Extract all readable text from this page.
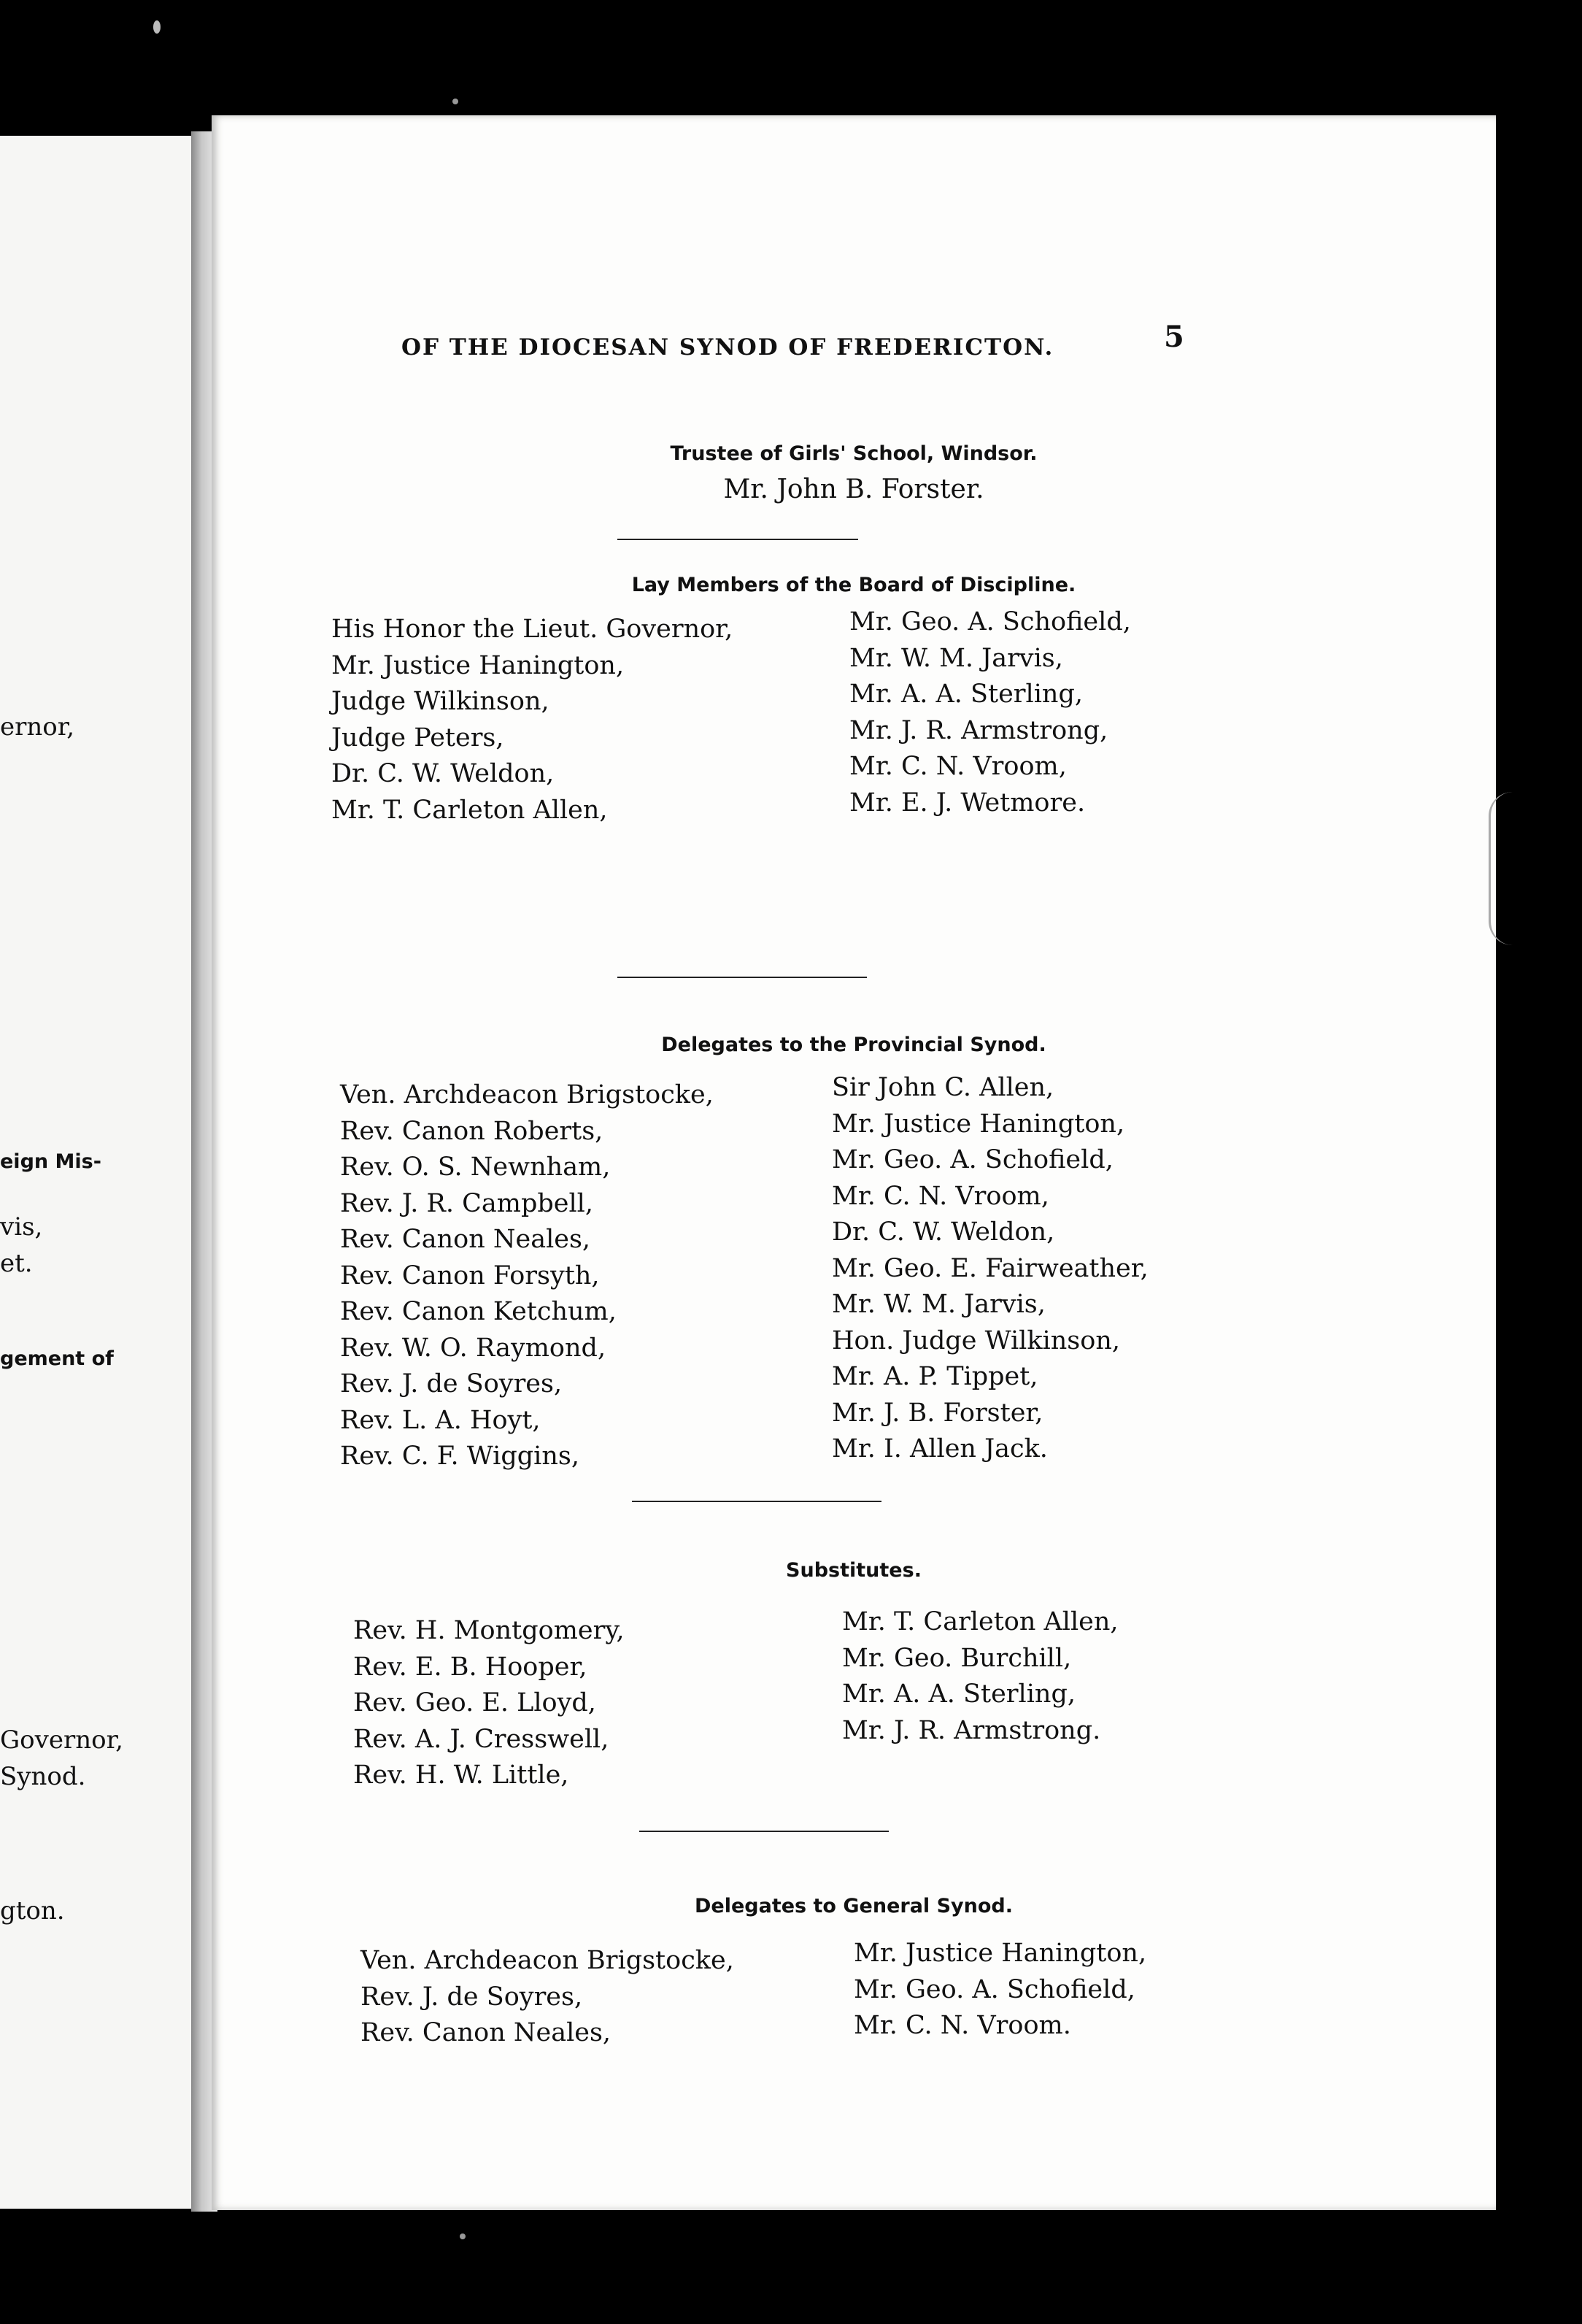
ernor,
eign Mis-
vis,
et.
gement of
Governor,
Synod.
gton.
OF THE DIOCESAN SYNOD OF FREDERICTON.	5
Trustee of Girls' School, Windsor.
Mr. John B. Forster.
Lay Members of the Board of Discipline.
His Honor the Lieut. Governor,
Mr. Justice Hanington,
Judge Wilkinson,
Judge Peters,
Dr. C. W. Weldon,
Mr. T. Carleton Allen,
Mr. Geo. A. Schofield,
Mr. W. M. Jarvis,
Mr. A. A. Sterling,
Mr. J. R. Armstrong,
Mr. C. N. Vroom,
Mr. E. J. Wetmore.
Delegates to the Provincial Synod.
Ven. Archdeacon Brigstocke,
Rev. Canon Roberts,
Rev. O. S. Newnham,
Rev. J. R. Campbell,
Rev. Canon Neales,
Rev. Canon Forsyth,
Rev. Canon Ketchum,
Rev. W. O. Raymond,
Rev. J. de Soyres,
Rev. L. A. Hoyt,
Rev. C. F. Wiggins,
Sir John C. Allen,
Mr. Justice Hanington,
Mr. Geo. A. Schofield,
Mr. C. N. Vroom,
Dr. C. W. Weldon,
Mr. Geo. E. Fairweather,
Mr. W. M. Jarvis,
Hon. Judge Wilkinson,
Mr. A. P. Tippet,
Mr. J. B. Forster,
Mr. I. Allen Jack.
Substitutes.
Rev. H. Montgomery,
Rev. E. B. Hooper,
Rev. Geo. E. Lloyd,
Rev. A. J. Cresswell,
Rev. H. W. Little,
Mr. T. Carleton Allen,
Mr. Geo. Burchill,
Mr. A. A. Sterling,
Mr. J. R. Armstrong.
Delegates to General Synod.
Ven. Archdeacon Brigstocke,
Rev. J. de Soyres,
Rev. Canon Neales,
Mr. Justice Hanington,
Mr. Geo. A. Schofield,
Mr. C. N. Vroom.
